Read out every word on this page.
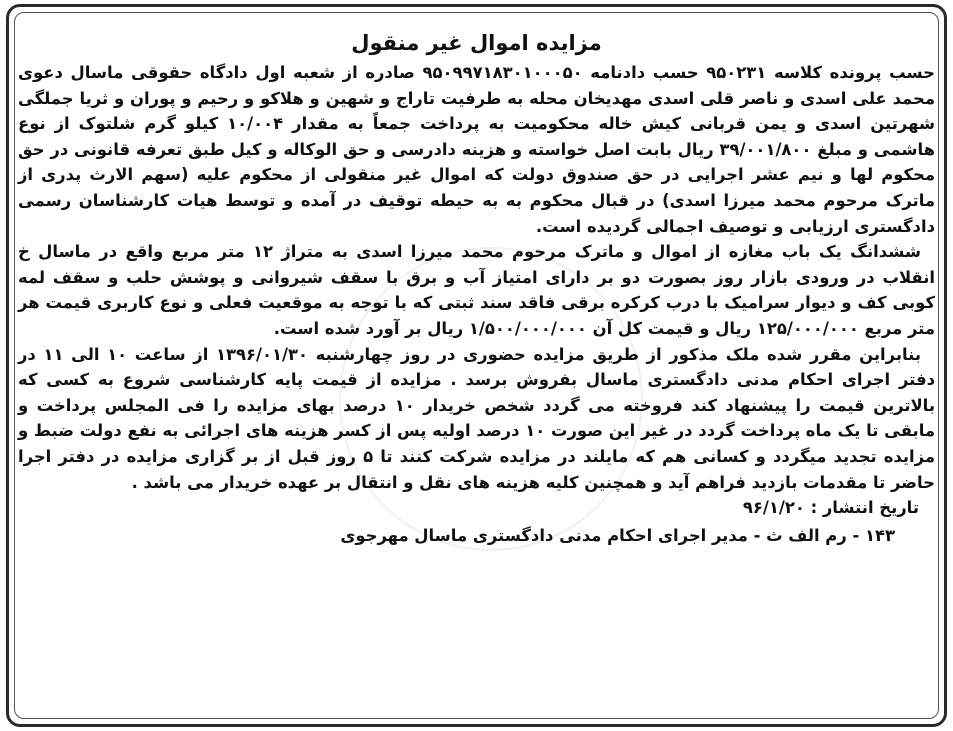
مزایده اموال غیر منقول

حسب پرونده کلاسه ۹۵۰۲۳۱ حسب دادنامه ۹۵۰۹۹۷۱۸۳۰۱۰۰۰۵۰ صادره از شعبه اول دادگاه حقوقی ماسال دعوی محمد علی اسدی و ناصر قلی اسدی مهدیخان محله به طرفیت تاراج و شهین و هلاکو و رحیم و پوران و ثریا جملگی شهرتین اسدی و یمن قربانی کیش خاله محکومیت به پرداخت جمعاً به مقدار ۱۰/۰۰۴ کیلو گرم شلتوک از نوع هاشمی و مبلغ ۳۹/۰۰۱/۸۰۰ ریال بابت اصل خواسته و هزینه دادرسی و حق الوکاله و کیل طبق تعرفه قانونی در حق محکوم لها و نیم عشر اجرایی در حق صندوق دولت که اموال غیر منقولی از محکوم علیه (سهم الارث پدری از ماترک مرحوم محمد میرزا اسدی) در قبال محکوم به به حیطه توقیف در آمده و توسط هیات کارشناسان رسمی دادگستری ارزیابی و توصیف اجمالی گردیده است.

ششدانگ یک باب مغازه از اموال و ماترک مرحوم محمد میرزا اسدی به متراژ ۱۲ متر مربع واقع در ماسال خ انقلاب در ورودی بازار روز بصورت دو بر دارای امتیاز آب و برق با سقف شیروانی و پوشش حلب و سقف لمه کوبی کف و دیوار سرامیک با درب کرکره برقی فاقد سند ثبتی که با توجه به موقعیت فعلی و نوع کاربری قیمت هر متر مربع ۱۲۵/۰۰۰/۰۰۰ ریال و قیمت کل آن ۱/۵۰۰/۰۰۰/۰۰۰ ریال بر آورد شده است.

بنابراین مقرر شده ملک مذکور از طریق مزایده حضوری در روز چهارشنبه ۱۳۹۶/۰۱/۳۰ از ساعت ۱۰ الی ۱۱ در دفتر اجرای احکام مدنی دادگستری ماسال بفروش برسد . مزایده از قیمت پایه کارشناسی شروع به کسی که بالاترین قیمت را پیشنهاد کند فروخته می گردد شخص خریدار ۱۰ درصد بهای مزایده را فی المجلس پرداخت و مابقی تا یک ماه پرداخت گردد در غیر این صورت ۱۰ درصد اولیه پس از کسر هزینه های اجرائی به نفع دولت ضبط و مزایده تجدید میگردد و کسانی هم که مایلند در مزایده شرکت کنند تا ۵ روز قبل از بر گزاری مزایده در دفتر اجرا حاضر تا مقدمات بازدید فراهم آید و همچنین کلیه هزینه های نقل و انتقال بر عهده خریدار می باشد .

تاریخ انتشار : ۹۶/۱/۲۰

۱۴۳ - رم الف ث - مدیر اجرای احکام مدنی دادگستری ماسال مهرجوی
